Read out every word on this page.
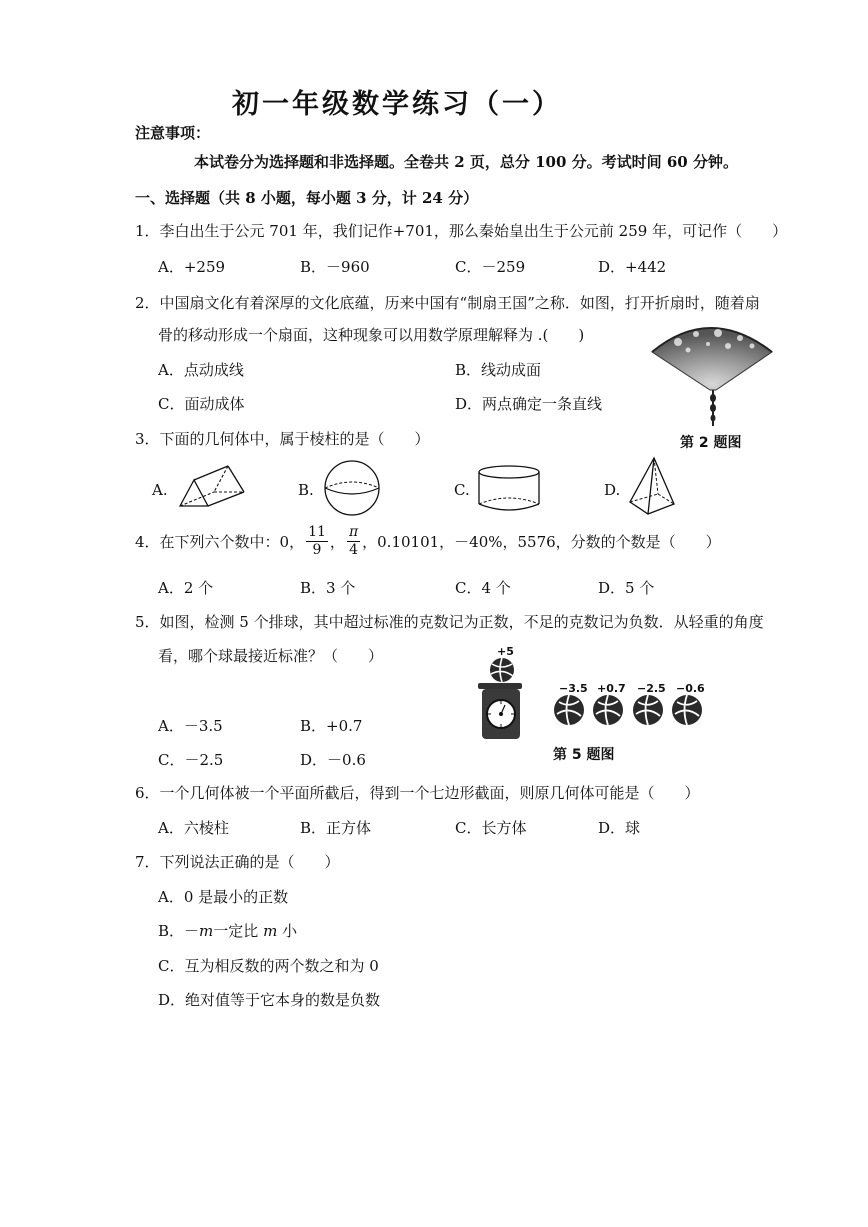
初一年级数学练习（一）
注意事项：
本试卷分为选择题和非选择题。全卷共 2 页，总分 100 分。考试时间 60 分钟。
一、选择题（共 8 小题，每小题 3 分，计 24 分）
1．李白出生于公元 701 年，我们记作+701，那么秦始皇出生于公元前 259 年，可记作（　　）
A．+259	B．－960	C．－259	D．+442
2．中国扇文化有着深厚的文化底蕴，历来中国有“制扇王国”之称．如图，打开折扇时，随着扇
骨的移动形成一个扇面，这种现象可以用数学原理解释为 .(　　)
A．点动成线	B．线动成面
C．面动成体	D．两点确定一条直线
第 2 题图
3．下面的几何体中，属于棱柱的是（　　）
A.	B.	C.	D.
4．在下列六个数中：0， $\frac{11}{9}$ ， $\frac{\pi}{4}$ ，0.10101，－40%，5576，分数的个数是（　　）
A．2 个	B．3 个	C．4 个	D．5 个
5．如图，检测 5 个排球，其中超过标准的克数记为正数，不足的克数记为负数．从轻重的角度
看，哪个球最接近标准？（　　）
A．－3.5	B．+0.7
C．－2.5	D．－0.6
+5
−3.5 +0.7 −2.5 −0.6
第 5 题图
6．一个几何体被一个平面所截后，得到一个七边形截面，则原几何体可能是（　　）
A．六棱柱	B．正方体	C．长方体	D．球
7．下列说法正确的是（　　）
A．0 是最小的正数
B．－m一定比 m 小
C．互为相反数的两个数之和为 0
D．绝对值等于它本身的数是负数
